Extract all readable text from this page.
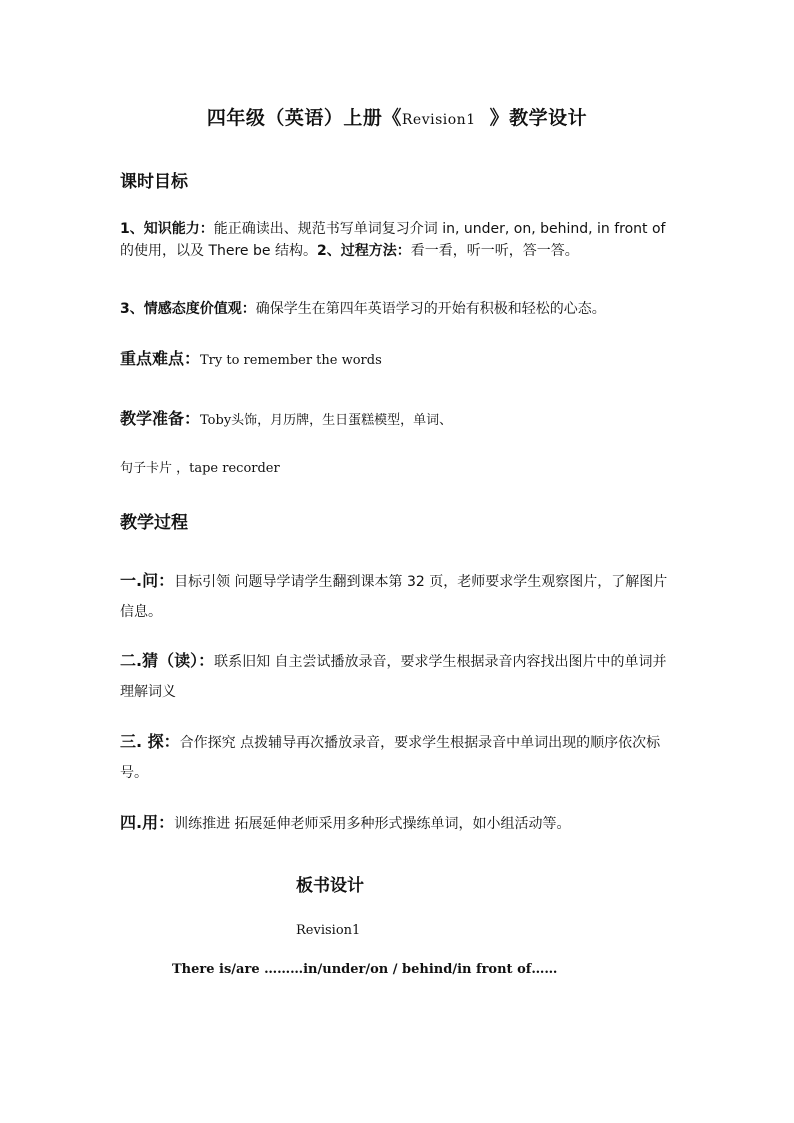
四年级（英语）上册《Revision1 》教学设计
课时目标
1、知识能力：能正确读出、规范书写单词复习介词 in, under, on, behind, in front of 的使用，以及 There be 结构。2、过程方法：看一看，听一听，答一答。
3、情感态度价值观：确保学生在第四年英语学习的开始有积极和轻松的心态。
重点难点：Try to remember the words
教学准备：Toby头饰，月历牌，生日蛋糕模型，单词、
句子卡片 ，tape recorder
教学过程
一.问：目标引领 问题导学请学生翻到课本第 32 页，老师要求学生观察图片，了解图片信息。
二.猜（读）：联系旧知 自主尝试播放录音，要求学生根据录音内容找出图片中的单词并理解词义
三. 探：合作探究 点拨辅导再次播放录音，要求学生根据录音中单词出现的顺序依次标号。
四.用：训练推进 拓展延伸老师采用多种形式操练单词，如小组活动等。
板书设计
Revision1
There is/are ………in/under/on / behind/in front of……
